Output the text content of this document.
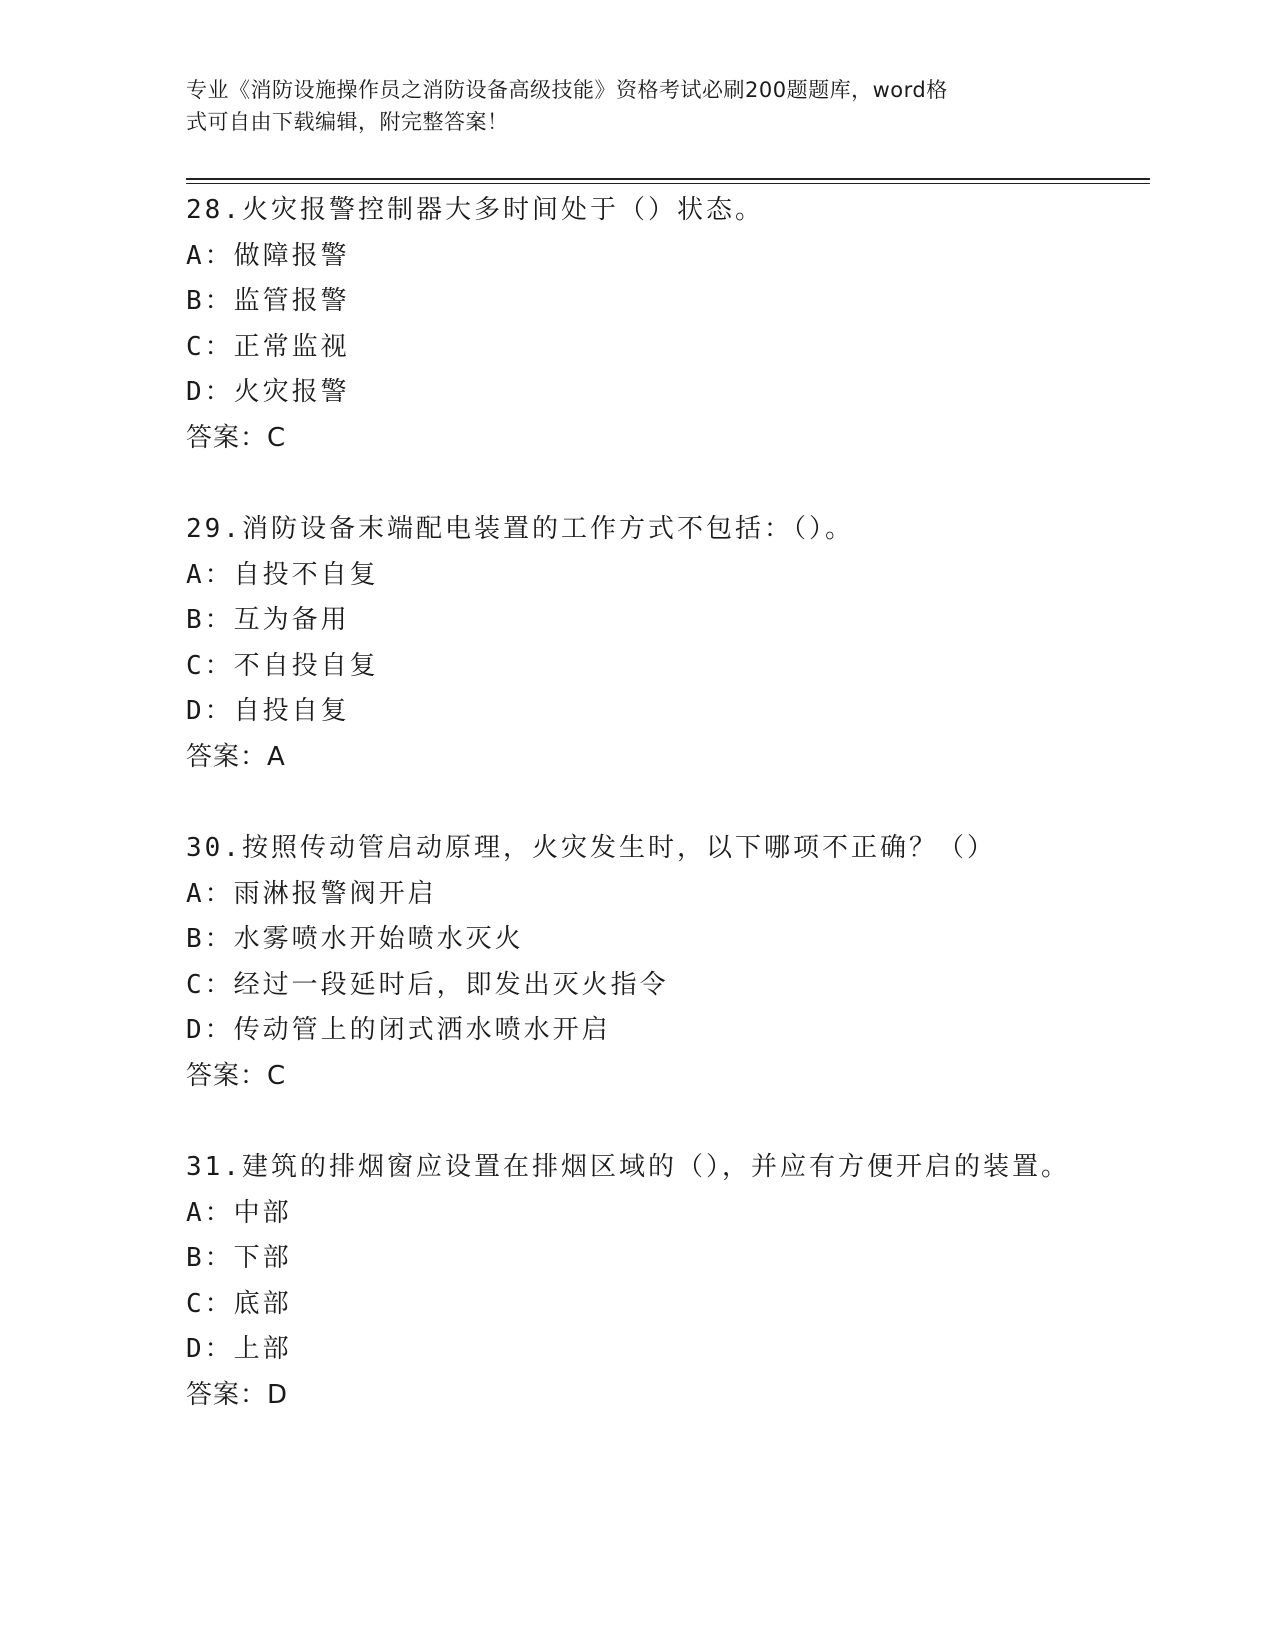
专业《消防设施操作员之消防设备高级技能》资格考试必刷200题题库，word格
式可自由下载编辑，附完整答案！
28.火灾报警控制器大多时间处于（）状态。
A：做障报警
B：监管报警
C：正常监视
D：火灾报警
答案：C
29.消防设备末端配电装置的工作方式不包括：（）。
A：自投不自复
B：互为备用
C：不自投自复
D：自投自复
答案：A
30.按照传动管启动原理，火灾发生时，以下哪项不正确？（）
A：雨淋报警阀开启
B：水雾喷水开始喷水灭火
C：经过一段延时后，即发出灭火指令
D：传动管上的闭式洒水喷水开启
答案：C
31.建筑的排烟窗应设置在排烟区域的（），并应有方便开启的装置。
A：中部
B：下部
C：底部
D：上部
答案：D
